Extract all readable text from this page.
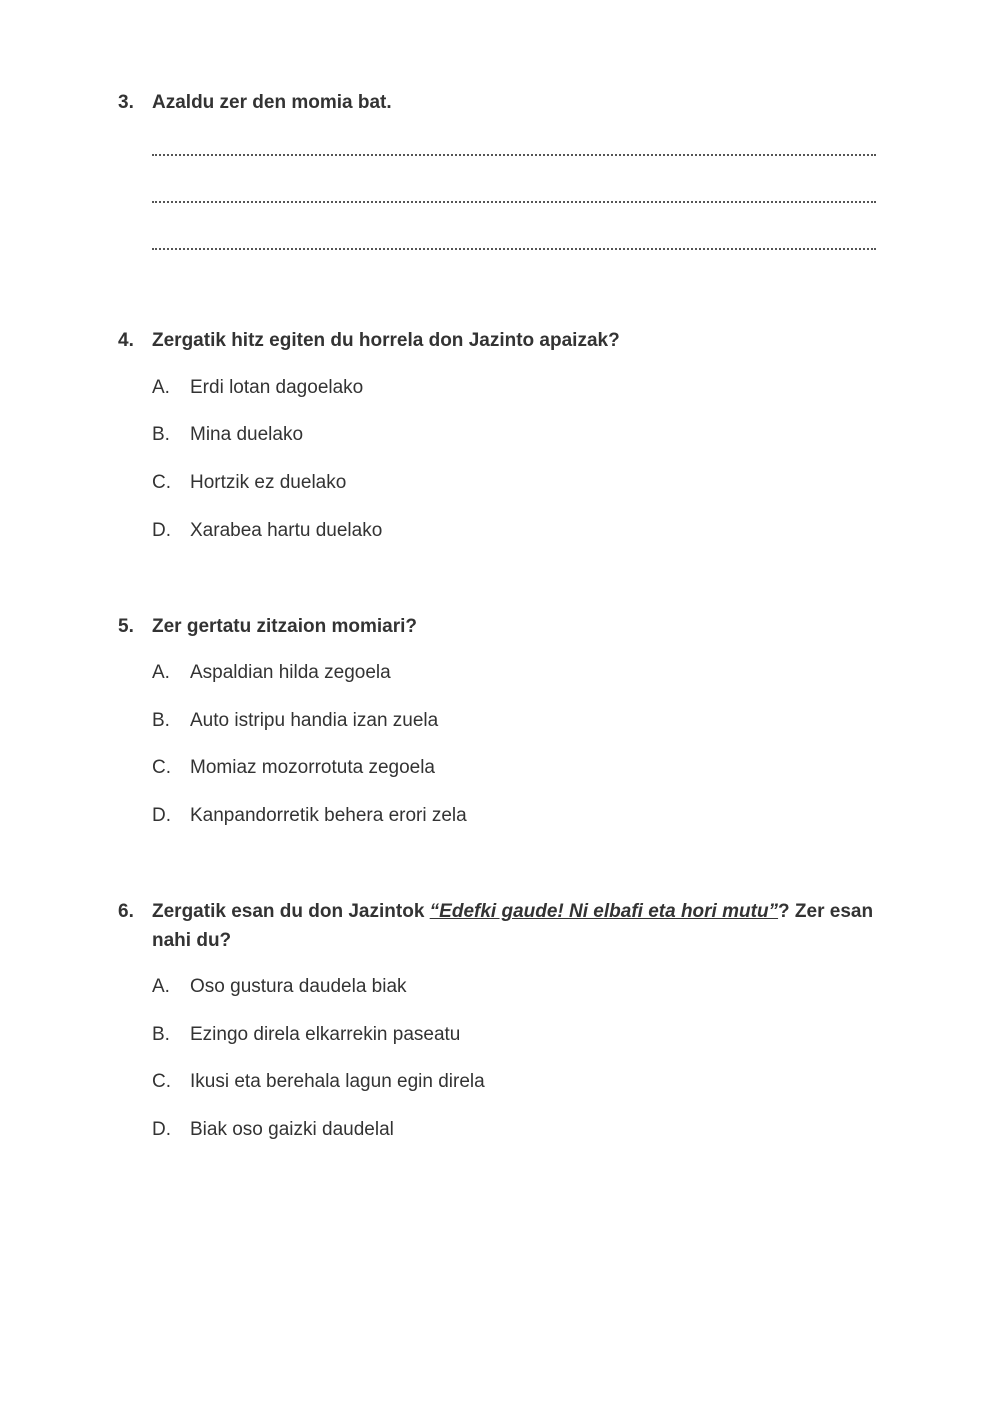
3. Azaldu zer den momia bat.
4. Zergatik hitz egiten du horrela don Jazinto apaizak?
A.	Erdi lotan dagoelako
B.	Mina duelako
C.	Hortzik ez duelako
D.	Xarabea hartu duelako
5. Zer gertatu zitzaion momiari?
A.	Aspaldian hilda zegoela
B.	Auto istripu handia izan zuela
C.	Momiaz mozorrotuta zegoela
D.	Kanpandorretik behera erori zela
6. Zergatik esan du don Jazintok “Edefki gaude! Ni elbafi eta hori mutu”? Zer esan nahi du?
A.	Oso gustura daudela biak
B.	Ezingo direla elkarrekin paseatu
C.	Ikusi eta berehala lagun egin direla
D.	Biak oso gaizki daudelal
